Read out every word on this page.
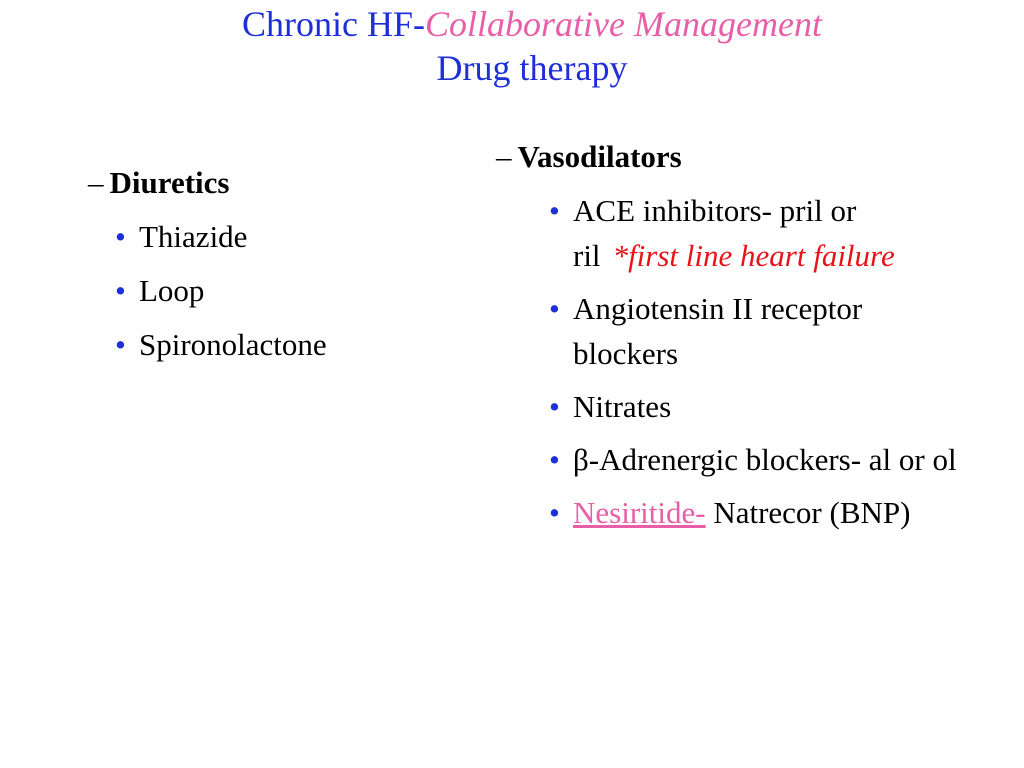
Chronic HF-Collaborative Management
Drug therapy
– Diuretics
• Thiazide
• Loop
• Spironolactone
– Vasodilators
• ACE inhibitors- pril or ril *first line heart failure
• Angiotensin II receptor blockers
• Nitrates
• β-Adrenergic blockers- al or ol
• Nesiritide- Natrecor (BNP)
